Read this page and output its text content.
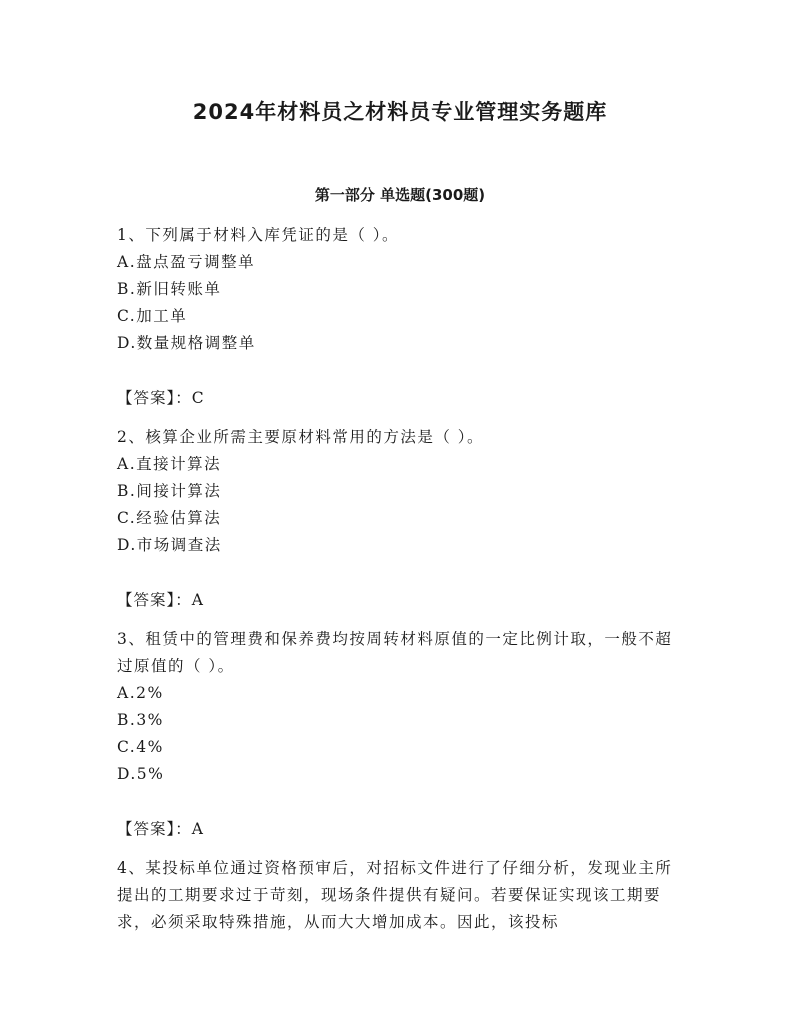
2024年材料员之材料员专业管理实务题库
第一部分 单选题(300题)
1、下列属于材料入库凭证的是（ ）。
A.盘点盈亏调整单
B.新旧转账单
C.加工单
D.数量规格调整单
【答案】：C
2、核算企业所需主要原材料常用的方法是（ ）。
A.直接计算法
B.间接计算法
C.经验估算法
D.市场调查法
【答案】：A
3、租赁中的管理费和保养费均按周转材料原值的一定比例计取，一般不超过原值的（ ）。
A.2%
B.3%
C.4%
D.5%
【答案】：A
4、某投标单位通过资格预审后，对招标文件进行了仔细分析，发现业主所提出的工期要求过于苛刻，现场条件提供有疑问。若要保证实现该工期要求，必须采取特殊措施，从而大大增加成本。因此，该投标
